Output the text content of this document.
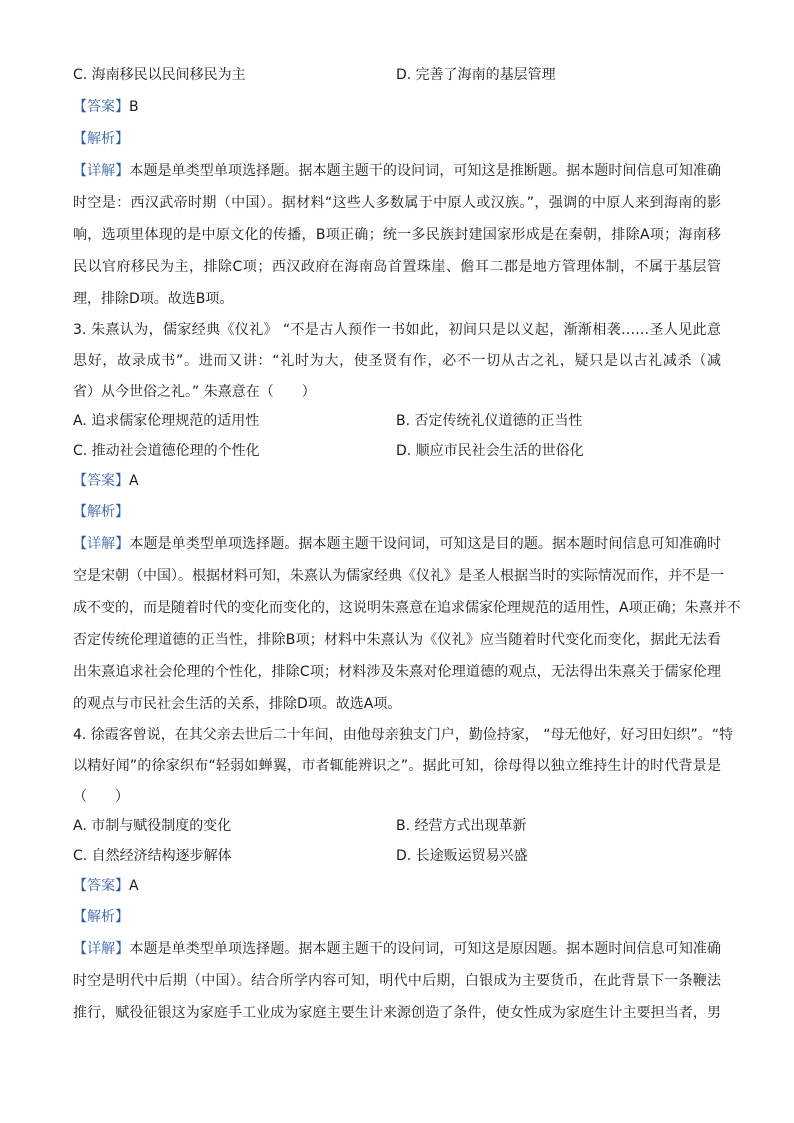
C. 海南移民以民间移民为主	D. 完善了海南的基层管理
【答案】B
【解析】
【详解】本题是单类型单项选择题。据本题主题干的设问词，可知这是推断题。据本题时间信息可知准确
时空是：西汉武帝时期（中国）。据材料“这些人多数属于中原人或汉族。”，强调的中原人来到海南的影
响，选项里体现的是中原文化的传播，B项正确；统一多民族封建国家形成是在秦朝，排除A项；海南移
民以官府移民为主，排除C项；西汉政府在海南岛首置珠崖、儋耳二郡是地方管理体制，不属于基层管
理，排除D项。故选B项。
3. 朱熹认为，儒家经典《仪礼》 “不是古人预作一书如此，初间只是以义起，渐渐相袭……圣人见此意
思好，故录成书”。进而又讲：“礼时为大，使圣贤有作，必不一切从古之礼，疑只是以古礼减杀（减
省）从今世俗之礼。” 朱熹意在（　　）
A. 追求儒家伦理规范的适用性	B. 否定传统礼仪道德的正当性
C. 推动社会道德伦理的个性化	D. 顺应市民社会生活的世俗化
【答案】A
【解析】
【详解】本题是单类型单项选择题。据本题主题干设问词，可知这是目的题。据本题时间信息可知准确时
空是宋朝（中国）。根据材料可知，朱熹认为儒家经典《仪礼》是圣人根据当时的实际情况而作，并不是一
成不变的，而是随着时代的变化而变化的，这说明朱熹意在追求儒家伦理规范的适用性，A项正确；朱熹并不
否定传统伦理道德的正当性，排除B项；材料中朱熹认为《仪礼》应当随着时代变化而变化，据此无法看
出朱熹追求社会伦理的个性化，排除C项；材料涉及朱熹对伦理道德的观点，无法得出朱熹关于儒家伦理
的观点与市民社会生活的关系，排除D项。故选A项。
4. 徐霞客曾说，在其父亲去世后二十年间，由他母亲独支门户，勤俭持家， “母无他好，好习田妇织”。“特
以精好闻”的徐家织布“轻弱如蝉翼，市者辄能辨识之”。据此可知，徐母得以独立维持生计的时代背景是
（　　）
A. 市制与赋役制度的变化	B. 经营方式出现革新
C. 自然经济结构逐步解体	D. 长途贩运贸易兴盛
【答案】A
【解析】
【详解】本题是单类型单项选择题。据本题主题干的设问词，可知这是原因题。据本题时间信息可知准确
时空是明代中后期（中国）。结合所学内容可知，明代中后期，白银成为主要货币，在此背景下一条鞭法
推行，赋役征银这为家庭手工业成为家庭主要生计来源创造了条件，使女性成为家庭生计主要担当者，男
